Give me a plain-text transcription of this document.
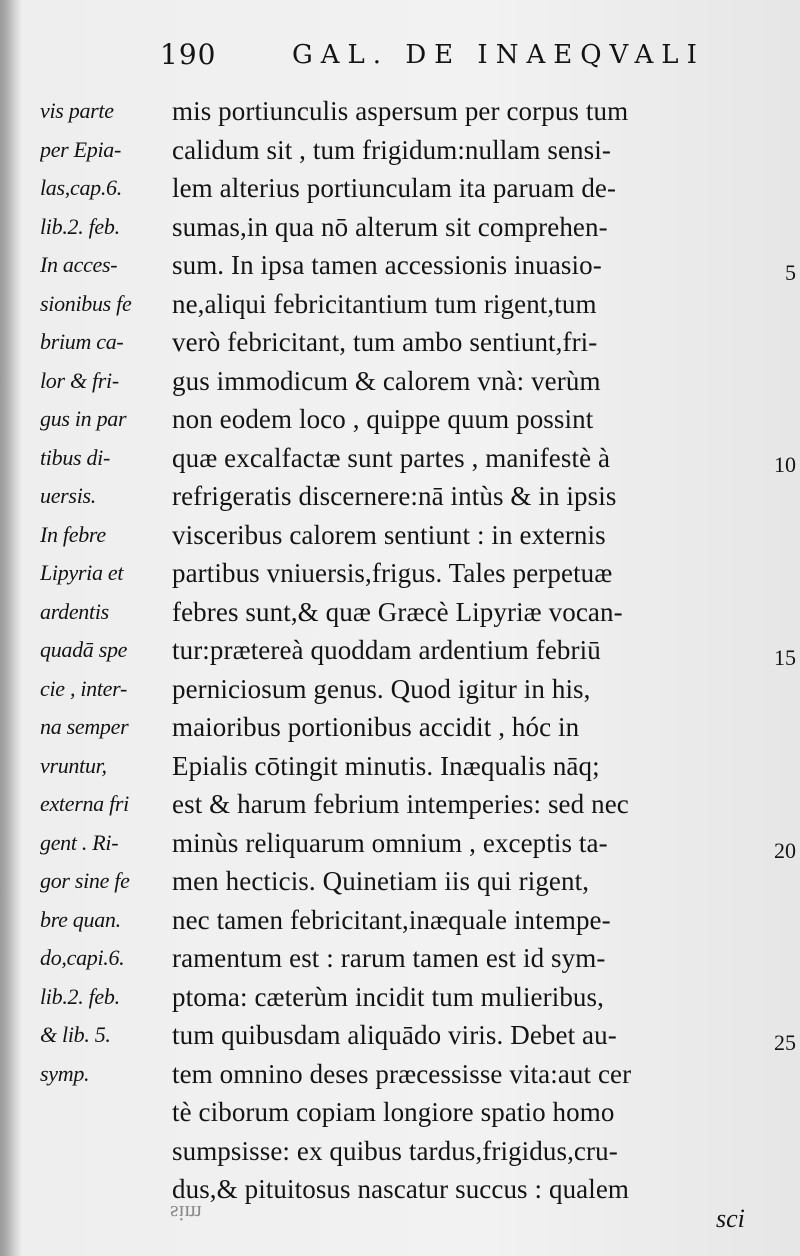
190	GAL. DE INAEQVALI
vis parte
per Epia-
las,cap.6.
lib.2. feb.
In acces-
sionibus fe
brium ca-
lor & fri-
gus in par
tibus di-
uersis.
In febre
Lipyria et
ardentis
quadā spe
cie , inter-
na semper
vruntur,
externa fri
gent . Ri-
gor sine fe
bre quan.
do,capi.6.
lib.2. feb.
& lib. 5.
symp.
mis portiunculis aspersum per corpus tum
calidum sit , tum frigidum:nullam sensi-
lem alterius portiunculam ita paruam de-
sumas,in qua nō alterum sit comprehen-
sum. In ipsa tamen accessionis inuasio-
ne,aliqui febricitantium tum rigent,tum
verò febricitant, tum ambo sentiunt,fri-
gus immodicum & calorem vnà: verùm
non eodem loco , quippe quum possint
quæ excalfactæ sunt partes , manifestè à
refrigeratis discernere:nā intùs & in ipsis
visceribus calorem sentiunt : in externis
partibus vniuersis,frigus. Tales perpetuæ
febres sunt,& quæ Græcè Lipyriæ vocan-
tur:prætereà quoddam ardentium febriū
perniciosum genus. Quod igitur in his,
maioribus portionibus accidit , hóc in
Epialis cōtingit minutis. Inæqualis nāq;
est & harum febrium intemperies: sed nec
minùs reliquarum omnium , exceptis ta-
men hecticis. Quinetiam iis qui rigent,
nec tamen febricitant,inæquale intempe-
ramentum est : rarum tamen est id sym-
ptoma: cæterùm incidit tum mulieribus,
tum quibusdam aliquādo viris. Debet au-
tem omnino deses præcessisse vita:aut cer
tè ciborum copiam longiore spatio homo
sumpsisse: ex quibus tardus,frigidus,cru-
dus,& pituitosus nascatur succus : qualem
5
10
15
20
25
sim	sci
